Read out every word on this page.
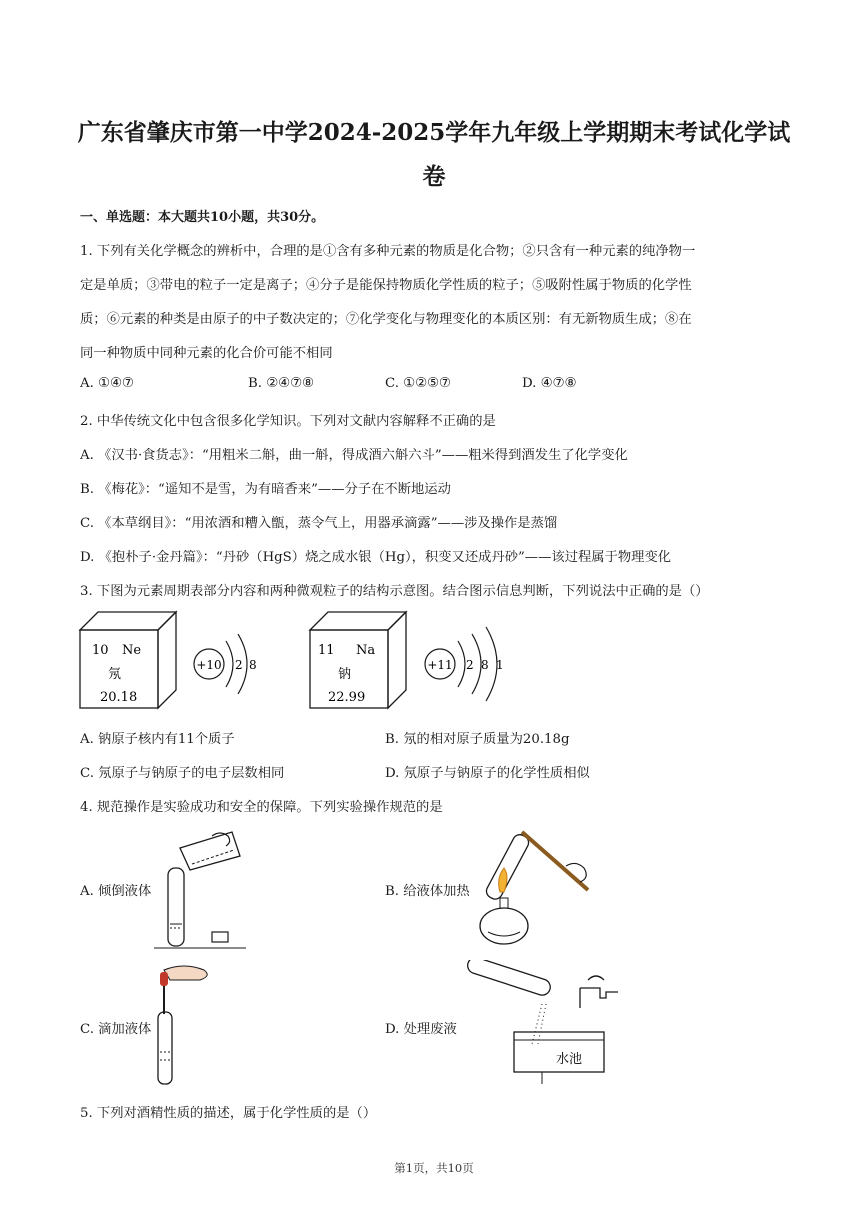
广东省肇庆市第一中学2024-2025学年九年级上学期期末考试化学试
卷
一、单选题：本大题共10小题，共30分。
1. 下列有关化学概念的辨析中，合理的是①含有多种元素的物质是化合物；②只含有一种元素的纯净物一
定是单质；③带电的粒子一定是离子；④分子是能保持物质化学性质的粒子；⑤吸附性属于物质的化学性
质；⑥元素的种类是由原子的中子数决定的；⑦化学变化与物理变化的本质区别：有无新物质生成；⑧在
同一种物质中同种元素的化合价可能不相同
A. ①④⑦	B. ②④⑦⑧	C. ①②⑤⑦	D. ④⑦⑧
2. 中华传统文化中包含很多化学知识。下列对文献内容解释不正确的是
A. 《汉书·食货志》：“用粗米二斛，曲一斛，得成酒六斛六斗”——粗米得到酒发生了化学变化
B. 《梅花》：“遥知不是雪，为有暗香来”——分子在不断地运动
C. 《本草纲目》：“用浓酒和糟入甑，蒸令气上，用器承滴露”——涉及操作是蒸馏
D. 《抱朴子·金丹篇》：“丹砂（HgS）烧之成水银（Hg），积变又还成丹砂”——该过程属于物理变化
3. 下图为元素周期表部分内容和两种微观粒子的结构示意图。结合图示信息判断，下列说法中正确的是（）
10 Ne
氖
20.18
+10 2 8
11 Na
钠
22.99
+11 2 8 1
A. 钠原子核内有11个质子	B. 氖的相对原子质量为20.18g
C. 氖原子与钠原子的电子层数相同	D. 氖原子与钠原子的化学性质相似
4. 规范操作是实验成功和安全的保障。下列实验操作规范的是
A. 倾倒液体	B. 给液体加热
C. 滴加液体	D. 处理废液
水池
5. 下列对酒精性质的描述，属于化学性质的是（）
第1页，共10页
